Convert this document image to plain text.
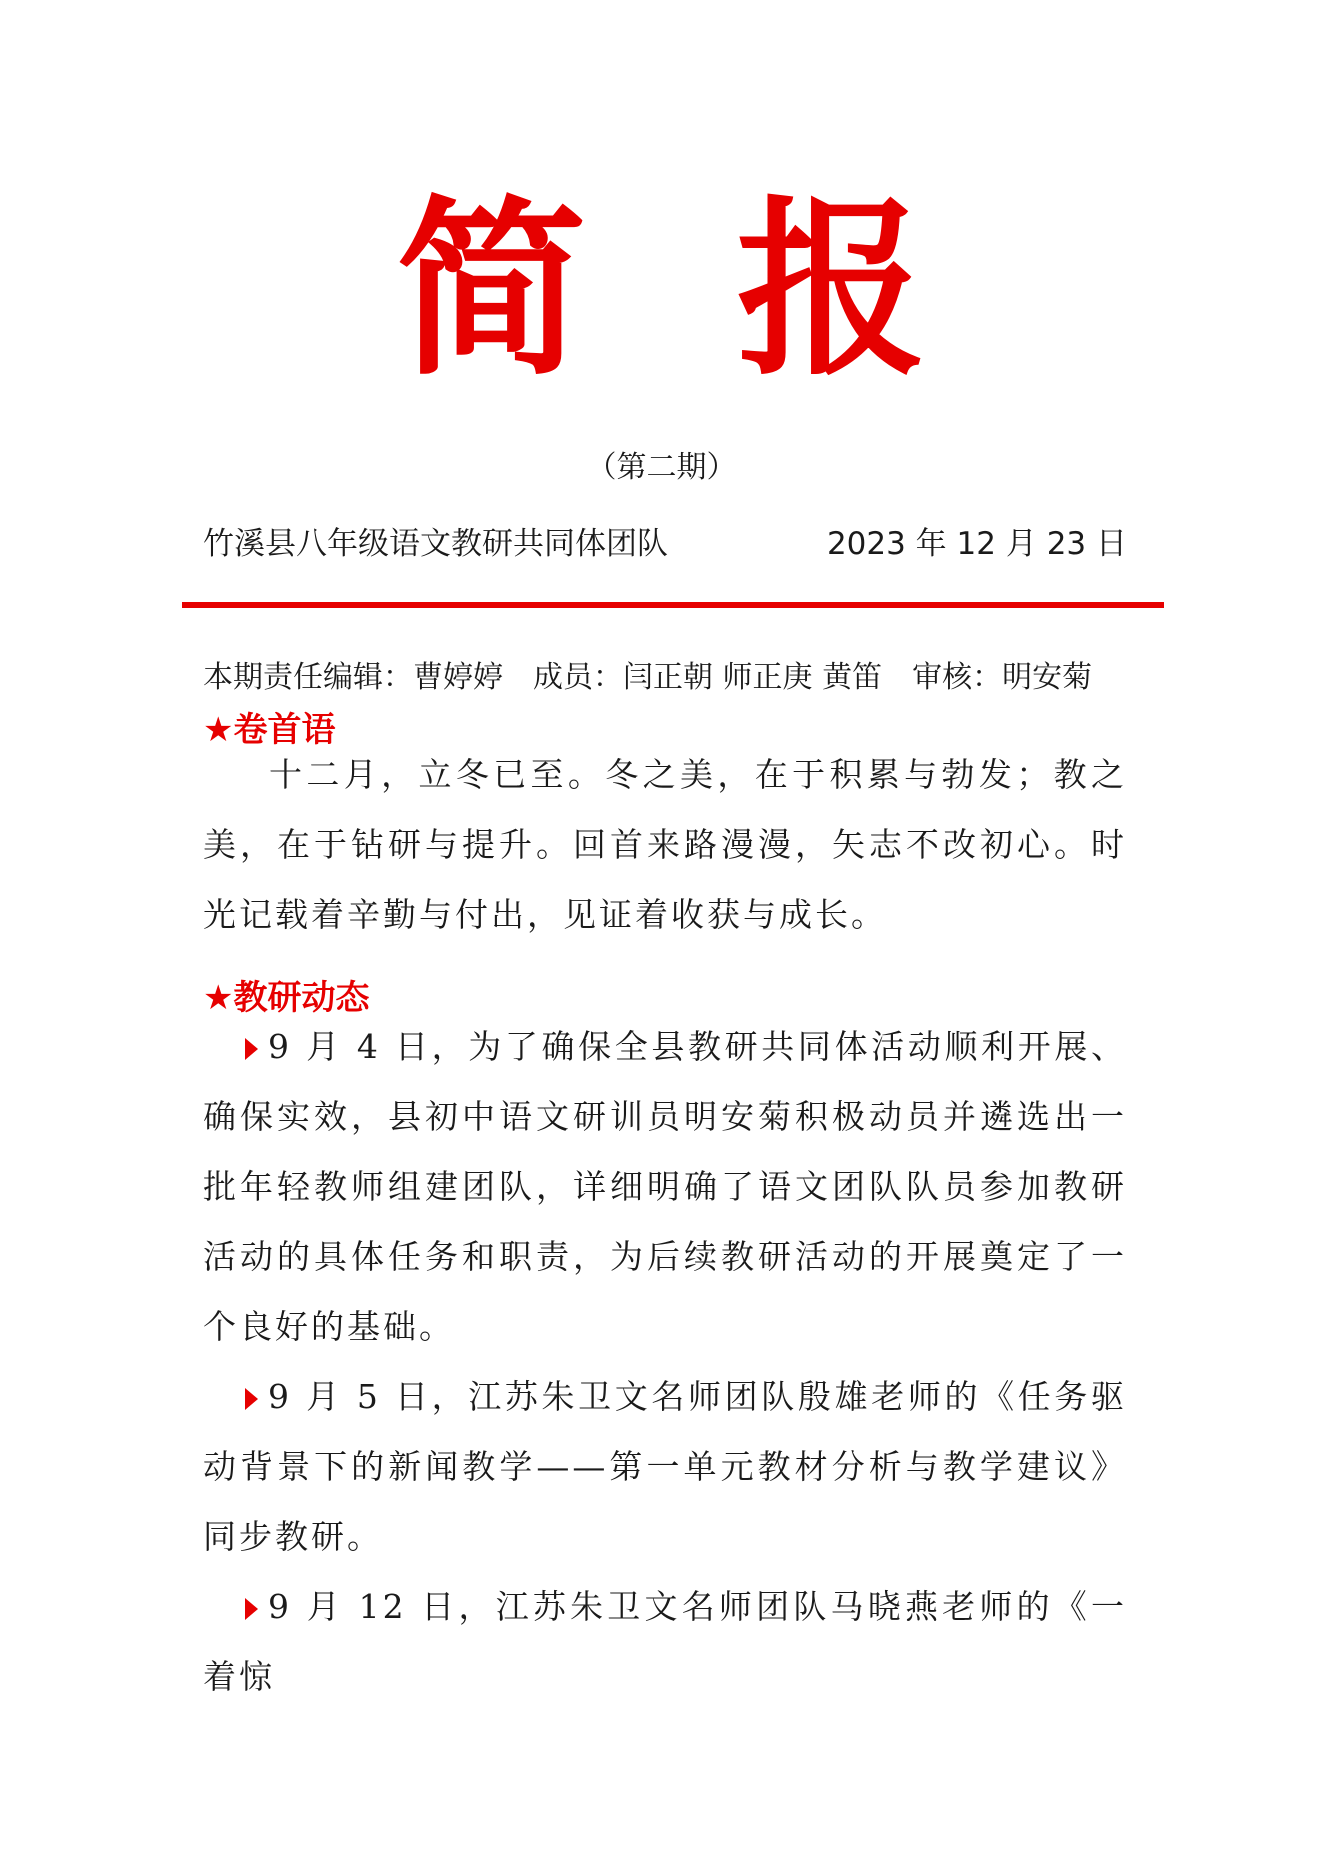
简报
（第二期）
竹溪县八年级语文教研共同体团队	2023 年 12 月 23 日
本期责任编辑：曹婷婷 成员：闫正朝 师正庚 黄笛 审核：明安菊
★卷首语

十二月，立冬已至。冬之美，在于积累与勃发；教之美，在于钻研与提升。回首来路漫漫，矢志不改初心。时光记载着辛勤与付出，见证着收获与成长。

★教研动态

9 月 4 日，为了确保全县教研共同体活动顺利开展、确保实效，县初中语文研训员明安菊积极动员并遴选出一批年轻教师组建团队，详细明确了语文团队队员参加教研活动的具体任务和职责，为后续教研活动的开展奠定了一个良好的基础。

9 月 5 日，江苏朱卫文名师团队殷雄老师的《任务驱动背景下的新闻教学——第一单元教材分析与教学建议》同步教研。

9 月 12 日，江苏朱卫文名师团队马晓燕老师的《一着惊
